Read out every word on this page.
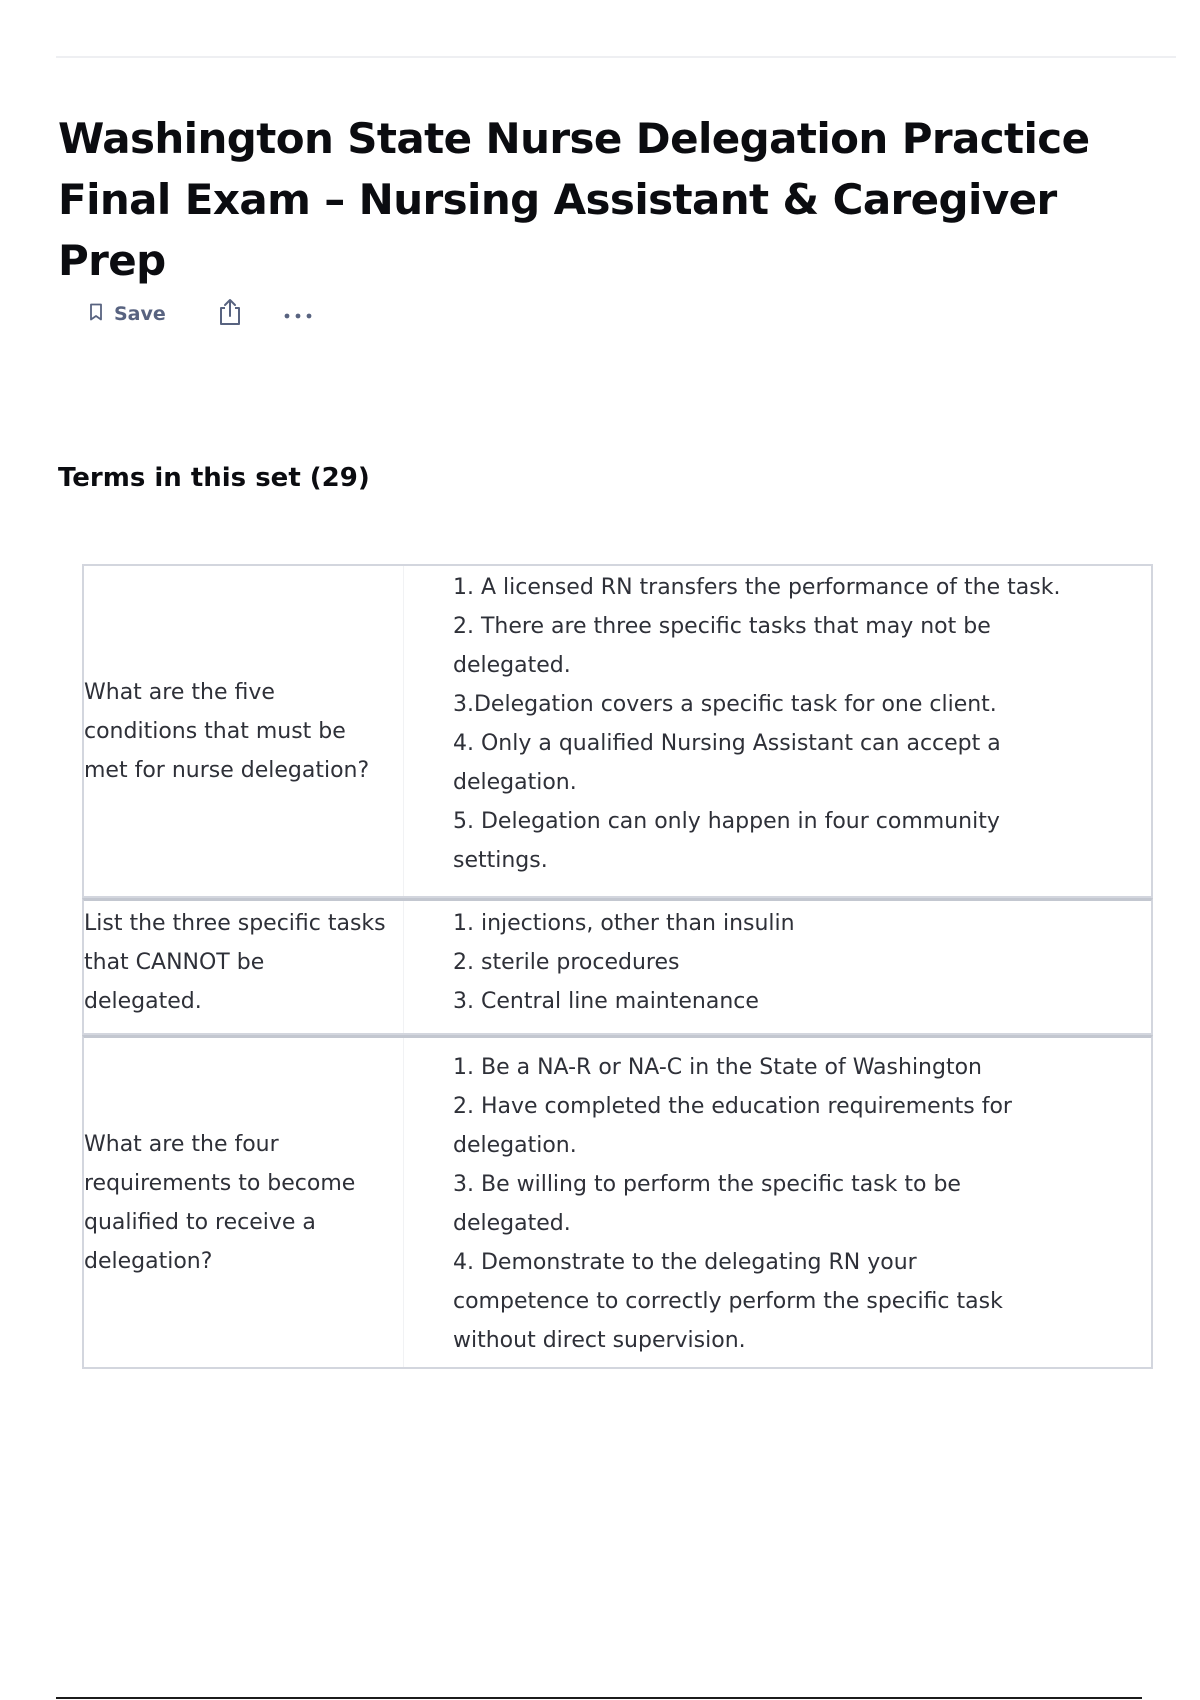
Washington State Nurse Delegation Practice
Final Exam – Nursing Assistant & Caregiver Prep
Save
Terms in this set (29)
What are the five
conditions that must be
met for nurse delegation?
1. A licensed RN transfers the performance of the task.
2. There are three specific tasks that may not be
delegated.
3.Delegation covers a specific task for one client.
4. Only a qualified Nursing Assistant can accept a
delegation.
5. Delegation can only happen in four community
settings.
List the three specific tasks
that CANNOT be
delegated.
1. injections, other than insulin
2. sterile procedures
3. Central line maintenance
What are the four
requirements to become
qualified to receive a
delegation?
1. Be a NA-R or NA-C in the State of Washington
2. Have completed the education requirements for
delegation.
3. Be willing to perform the specific task to be
delegated.
4. Demonstrate to the delegating RN your
competence to correctly perform the specific task
without direct supervision.
